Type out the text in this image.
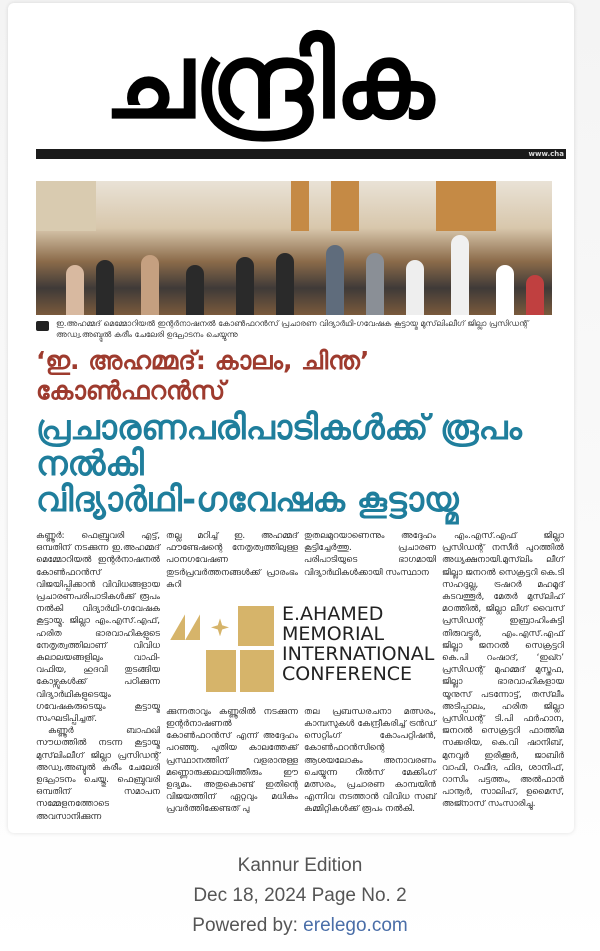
ചന്ദ്രിക
www.cha
ഇ.അഹമ്മദ് മെമ്മോറിയൽ ഇന്റർനാഷനൽ കോൺഫറൻസ് പ്രചാരണ വിദ്യാർഥി-ഗവേഷക കൂട്ടായ്മ മുസ്‌ലിംലീഗ് ജില്ലാ പ്രസിഡന്റ് അഡ്വ.അബ്ദുൽ കരീം ചേലേരി ഉദ്ഘാടനം ചെയ്യുന്നു
‘ഇ. അഹമ്മദ്: കാലം, ചിന്ത’ കോൺഫറൻസ്
പ്രചാരണപരിപാടികൾക്ക് രൂപം നൽകി
വിദ്യാർഥി-ഗവേഷക കൂട്ടായ്മ

കണ്ണൂർ: ഫെബ്രുവരി എട്ട്, ഒമ്പതിന് നടക്കുന്ന ഇ.അഹമ്മദ് മെമ്മോറിയൽ ഇന്റർനാഷനൽ കോൺഫറൻസ് വിജയിപ്പിക്കാൻ വിവിധങ്ങളായ പ്രചാരണപരിപാടികൾക്ക് രൂപം നൽകി വിദ്യാർഥി-ഗവേഷക കൂട്ടായ്മ. ജില്ലാ എം.എസ്.എഫ്, ഹരിത ഭാരവാഹികളുടെ നേതൃത്വത്തിലാണ് വിവിധ കലാലയങ്ങളിലും വാഫി-വഫിയ, ഹുദവി തുടങ്ങിയ കോഴ്സുകൾക്ക് പഠിക്കുന്ന വിദ്യാർഥികളുടെയും ഗവേഷകരുടെയും കൂട്ടായ്മ സംഘടിപ്പിച്ചത്.

കണ്ണൂർ ബാഫഖി സൗധത്തിൽ നടന്ന കൂട്ടായ്മ മുസ്‌ലിംലീഗ് ജില്ലാ പ്രസിഡന്റ് അഡ്വ.അബ്ദുൽ കരീം ചേലേരി ഉദ്ഘാടനം ചെയ്തു. ഫെബ്രുവരി ഒമ്പതിന് സമാപന സമ്മേളനത്തോടെ അവസാനിക്കുന്ന

തല്ല മറിച്ച് ഇ. അഹമ്മദ് ഫൗണ്ടേഷന്റെ നേതൃത്വത്തിലുള്ള പഠനഗവേഷണ തുടർപ്രവർത്തനങ്ങൾക്ക് പ്രാരംഭം കുറി
തുതലമുറയാണെന്നും അദ്ദേഹം കൂട്ടിച്ചേർത്തു. പ്രചാരണ പരിപാടിയുടെ ഭാഗമായി വിദ്യാർഥികൾക്കായി സംസ്ഥാന
E.AHAMED
MEMORIAL
INTERNATIONAL
CONFERENCE
ക്കുന്നതാവും കണ്ണൂരിൽ നടക്കുന്ന ഇന്റർനാഷണൽ കോൺഫറൻസ് എന്ന് അദ്ദേഹം പറഞ്ഞു. പുതിയ കാലത്തേക്ക് പ്രസ്ഥാനത്തിന് വളരാനുള്ള മണ്ണൊരുക്കലായിത്തീരും ഈ ഉദ്യമം. അതുകൊണ്ട് ഇതിന്റെ വിജയത്തിന് ഏറ്റവും മധികം പ്രവർത്തിക്കേണ്ടത് പു
തല പ്രബന്ധരചനാ മത്സരം, കാമ്പസുകൾ കേന്ദ്രീകരിച്ച് ട്രൻഡ് സെറ്റിംഗ് കോംപറ്റിഷൻ, കോൺഫറൻസിന്റെ ആശയലോകം അനാവരണം ചെയ്യുന്ന റീൽസ് മേക്കിംഗ് മത്സരം, പ്രചാരണ കാമ്പയിൻ എന്നിവ നടത്താൻ വിവിധ സബ് കമ്മിറ്റികൾക്ക് രൂപം നൽകി.
എം.എസ്.എഫ് ജില്ലാ പ്രസിഡന്റ് നസീർ പുറത്തിൽ അധ്യക്ഷനായി.മുസ്‌ലിം ലീഗ് ജില്ലാ ജനറൽ സെക്രട്ടറി കെ.ടി സഹദുല്ല, ട്രഷറർ മഹമൂദ് കടവത്തൂർ, മേതർ മുസ്‌ലിഹ് മഠത്തിൽ, ജില്ലാ ലീഗ് വൈസ് പ്രസിഡന്റ് ഇബ്രാഹിംകുട്ടി തിരുവട്ടൂർ, എം.എസ്.എഫ് ജില്ലാ ജനറൽ സെക്രട്ടറി കെ.പി റംഷാദ്, ‘ഇഖ്റ’ പ്രസിഡന്റ് മുഹമ്മദ് മുസ്തഫ, ജില്ലാ ഭാരവാഹികളായ യൂനുസ് പടന്നോട്ട്, തസ്‌ലീം അടിപ്പാലം, ഹരിത ജില്ലാ പ്രസിഡന്റ് ടി.പി ഫർഹാന, ജനറൽ സെക്രട്ടറി ഫാത്തിമ സക്കരിയ, കെ.വി ഷാനിബ്, മുനവ്വർ ഇരിക്കൂർ, ജാബിർ വാഫി, റഫീദ, ഫിദ, ശാനിഫ്, റാസിം പട്ടത്തം, അൽഫാൻ പാനൂർ, സാലിഹ്, ഉമൈസ്, അജ്നാസ് സംസാരിച്ചു.
Kannur Edition
Dec 18, 2024 Page No. 2
Powered by: erelego.com
